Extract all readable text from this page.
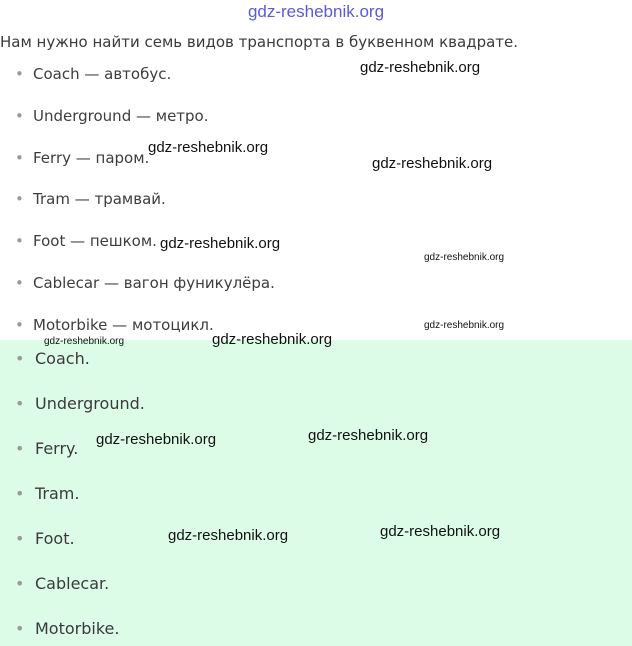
gdz-reshebnik.org
Нам нужно найти семь видов транспорта в буквенном квадрате.
• Coach — автобус.
• Underground — метро.
• Ferry — паром.
• Tram — трамвай.
• Foot — пешком.
• Cablecar — вагон фуникулёра.
• Motorbike — мотоцикл.
• Coach.
• Underground.
• Ferry.
• Tram.
• Foot.
• Cablecar.
• Motorbike.
gdz-reshebnik.org
gdz-reshebnik.org
gdz-reshebnik.org
gdz-reshebnik.org
gdz-reshebnik.org
gdz-reshebnik.org
gdz-reshebnik.org
gdz-reshebnik.org
gdz-reshebnik.org	gdz-reshebnik.org
gdz-reshebnik.org
gdz-reshebnik.org
